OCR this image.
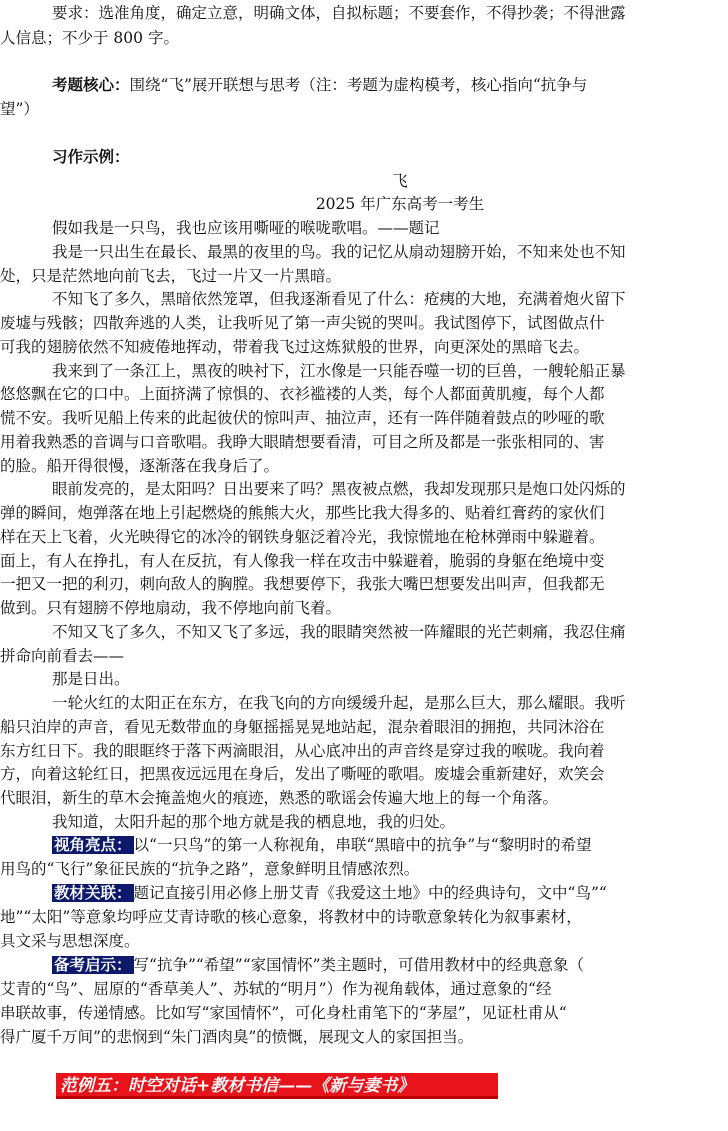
要求：选准角度，确定立意，明确文体，自拟标题；不要套作，不得抄袭；不得泄露
人信息；不少于 800 字。
考题核心：围绕“飞”展开联想与思考（注：考题为虚构模考，核心指向“抗争与
望”）
习作示例：
飞
2025 年广东高考一考生
假如我是一只鸟，我也应该用嘶哑的喉咙歌唱。——题记
我是一只出生在最长、最黑的夜里的鸟。我的记忆从扇动翅膀开始，不知来处也不知
处，只是茫然地向前飞去，飞过一片又一片黑暗。
不知飞了多久，黑暗依然笼罩，但我逐渐看见了什么：疮痍的大地，充满着炮火留下
废墟与残骸；四散奔逃的人类，让我听见了第一声尖锐的哭叫。我试图停下，试图做点什
可我的翅膀依然不知疲倦地挥动，带着我飞过这炼狱般的世界，向更深处的黑暗飞去。
我来到了一条江上，黑夜的映衬下，江水像是一只能吞噬一切的巨兽，一艘轮船正暴
悠悠飘在它的口中。上面挤满了惊惧的、衣衫褴褛的人类，每个人都面黄肌瘦，每个人都
慌不安。我听见船上传来的此起彼伏的惊叫声、抽泣声，还有一阵伴随着鼓点的吵哑的歌
用着我熟悉的音调与口音歌唱。我睁大眼睛想要看清，可目之所及都是一张张相同的、害
的脸。船开得很慢，逐渐落在我身后了。
眼前发亮的，是太阳吗？日出要来了吗？黑夜被点燃，我却发现那只是炮口处闪烁的
弹的瞬间，炮弹落在地上引起燃烧的熊熊大火，那些比我大得多的、贴着红膏药的家伙们
样在天上飞着，火光映得它的冰冷的钢铁身躯泛着冷光，我惊慌地在枪林弹雨中躲避着。
面上，有人在挣扎，有人在反抗，有人像我一样在攻击中躲避着，脆弱的身躯在绝境中变
一把又一把的利刃，刺向敌人的胸膛。我想要停下，我张大嘴巴想要发出叫声，但我都无
做到。只有翅膀不停地扇动，我不停地向前飞着。
不知又飞了多久，不知又飞了多远，我的眼睛突然被一阵耀眼的光芒刺痛，我忍住痛
拼命向前看去——
那是日出。
一轮火红的太阳正在东方，在我飞向的方向缓缓升起，是那么巨大，那么耀眼。我听
船只泊岸的声音，看见无数带血的身躯摇摇晃晃地站起，混杂着眼泪的拥抱，共同沐浴在
东方红日下。我的眼眶终于落下两滴眼泪，从心底冲出的声音终是穿过我的喉咙。我向着
方，向着这轮红日，把黑夜远远甩在身后，发出了嘶哑的歌唱。废墟会重新建好，欢笑会
代眼泪，新生的草木会掩盖炮火的痕迹，熟悉的歌谣会传遍大地上的每一个角落。
我知道，太阳升起的那个地方就是我的栖息地，我的归处。
视角亮点： 以“一只鸟”的第一人称视角，串联“黑暗中的抗争”与“黎明时的希望
用鸟的“飞行”象征民族的“抗争之路”，意象鲜明且情感浓烈。
教材关联： 题记直接引用必修上册艾青《我爱这土地》中的经典诗句，文中“鸟”“
地”“太阳”等意象均呼应艾青诗歌的核心意象，将教材中的诗歌意象转化为叙事素材，
具文采与思想深度。
备考启示： 写“抗争”“希望”“家国情怀”类主题时，可借用教材中的经典意象（
艾青的“鸟”、屈原的“香草美人”、苏轼的“明月”）作为视角载体，通过意象的“经
串联故事，传递情感。比如写“家国情怀”，可化身杜甫笔下的“茅屋”，见证杜甫从“
得广厦千万间”的悲悯到“朱门酒肉臭”的愤慨，展现文人的家国担当。
范例五：时空对话+教材书信——《新与妻书》
